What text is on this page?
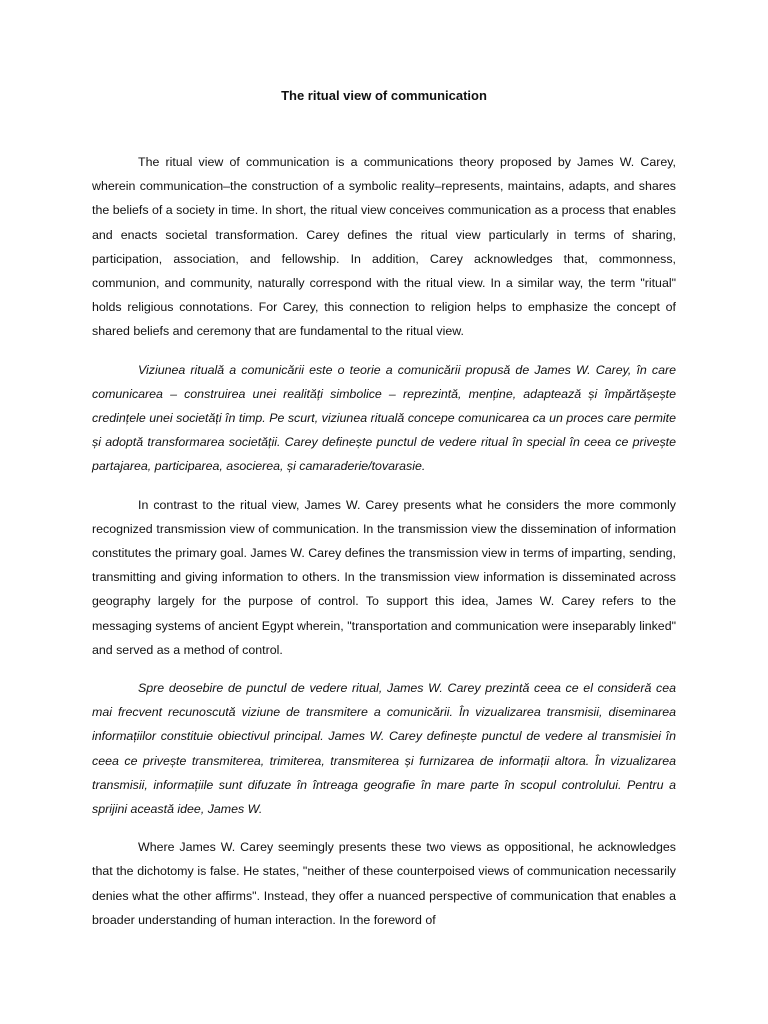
The ritual view of communication

The ritual view of communication is a communications theory proposed by James W. Carey, wherein communication–the construction of a symbolic reality–represents, maintains, adapts, and shares the beliefs of a society in time. In short, the ritual view conceives communication as a process that enables and enacts societal transformation. Carey defines the ritual view particularly in terms of sharing, participation, association, and fellowship. In addition, Carey acknowledges that, commonness, communion, and community, naturally correspond with the ritual view. In a similar way, the term "ritual" holds religious connotations. For Carey, this connection to religion helps to emphasize the concept of shared beliefs and ceremony that are fundamental to the ritual view.

Viziunea rituală a comunicării este o teorie a comunicării propusă de James W. Carey, în care comunicarea – construirea unei realități simbolice – reprezintă, menține, adaptează și împărtășește credințele unei societăți în timp. Pe scurt, viziunea rituală concepe comunicarea ca un proces care permite și adoptă transformarea societății. Carey definește punctul de vedere ritual în special în ceea ce privește partajarea, participarea, asocierea, și camaraderie/tovarasie.

In contrast to the ritual view, James W. Carey presents what he considers the more commonly recognized transmission view of communication. In the transmission view the dissemination of information constitutes the primary goal. James W. Carey defines the transmission view in terms of imparting, sending, transmitting and giving information to others. In the transmission view information is disseminated across geography largely for the purpose of control. To support this idea, James W. Carey refers to the messaging systems of ancient Egypt wherein, "transportation and communication were inseparably linked" and served as a method of control.

Spre deosebire de punctul de vedere ritual, James W. Carey prezintă ceea ce el consideră cea mai frecvent recunoscută viziune de transmitere a comunicării. În vizualizarea transmisii, diseminarea informațiilor constituie obiectivul principal. James W. Carey definește punctul de vedere al transmisiei în ceea ce privește transmiterea, trimiterea, transmiterea și furnizarea de informații altora. În vizualizarea transmisii, informațiile sunt difuzate în întreaga geografie în mare parte în scopul controlului. Pentru a sprijini această idee, James W.

Where James W. Carey seemingly presents these two views as oppositional, he acknowledges that the dichotomy is false. He states, "neither of these counterpoised views of communication necessarily denies what the other affirms". Instead, they offer a nuanced perspective of communication that enables a broader understanding of human interaction. In the foreword of
